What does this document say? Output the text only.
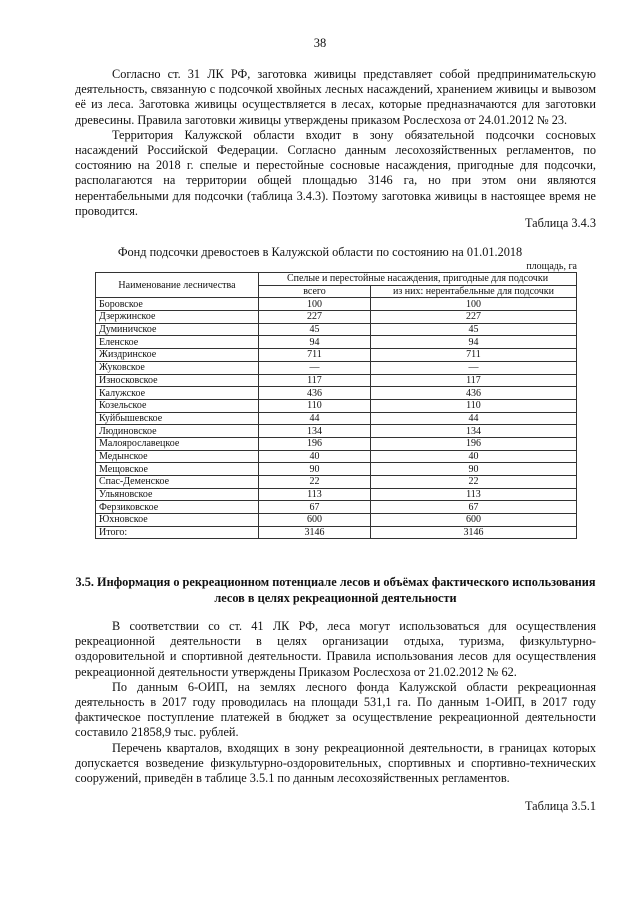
38

Согласно ст. 31 ЛК РФ, заготовка живицы представляет собой предпринимательскую деятельность, связанную с подсочкой хвойных лесных насаждений, хранением живицы и вывозом её из леса. Заготовка живицы осуществляется в лесах, которые предназначаются для заготовки древесины. Правила заготовки живицы утверждены приказом Рослесхоза от 24.01.2012 № 23.

Территория Калужской области входит в зону обязательной подсочки сосновых насаждений Российской Федерации. Согласно данным лесохозяйственных регламентов, по состоянию на 2018 г. спелые и перестойные сосновые насаждения, пригодные для подсочки, располагаются на территории общей площадью 3146 га, но при этом они являются нерентабельными для подсочки (таблица 3.4.3). Поэтому заготовка живицы в настоящее время не проводится.

Таблица 3.4.3
Фонд подсочки древостоев в Калужской области по состоянию на 01.01.2018
площадь, га
Наименование лесничества	Спелые и перестойные насаждения, пригодные для подсочки	
	всего	из них: нерентабельные для подсочки
Боровское	100	100
Дзержинское	227	227
Думиничское	45	45
Еленское	94	94
Жиздринское	711	711
Жуковское	—	—
Износковское	117	117
Калужское	436	436
Козельское	110	110
Куйбышевское	44	44
Людиновское	134	134
Малоярославецкое	196	196
Медынское	40	40
Мещовское	90	90
Спас-Деменское	22	22
Ульяновское	113	113
Ферзиковское	67	67
Юхновское	600	600
Итого:	3146	3146
3.5. Информация о рекреационном потенциале лесов и объёмах фактического использования лесов в целях рекреационной деятельности

В соответствии со ст. 41 ЛК РФ, леса могут использоваться для осуществления рекреационной деятельности в целях организации отдыха, туризма, физкультурно-оздоровительной и спортивной деятельности. Правила использования лесов для осуществления рекреационной деятельности утверждены Приказом Рослесхоза от 21.02.2012 № 62.

По данным 6-ОИП, на землях лесного фонда Калужской области рекреационная деятельность в 2017 году проводилась на площади 531,1 га. По данным 1-ОИП, в 2017 году фактическое поступление платежей в бюджет за осуществление рекреационной деятельности составило 21858,9 тыс. рублей.

Перечень кварталов, входящих в зону рекреационной деятельности, в границах которых допускается возведение физкультурно-оздоровительных, спортивных и спортивно-технических сооружений, приведён в таблице 3.5.1 по данным лесохозяйственных регламентов.

Таблица 3.5.1
